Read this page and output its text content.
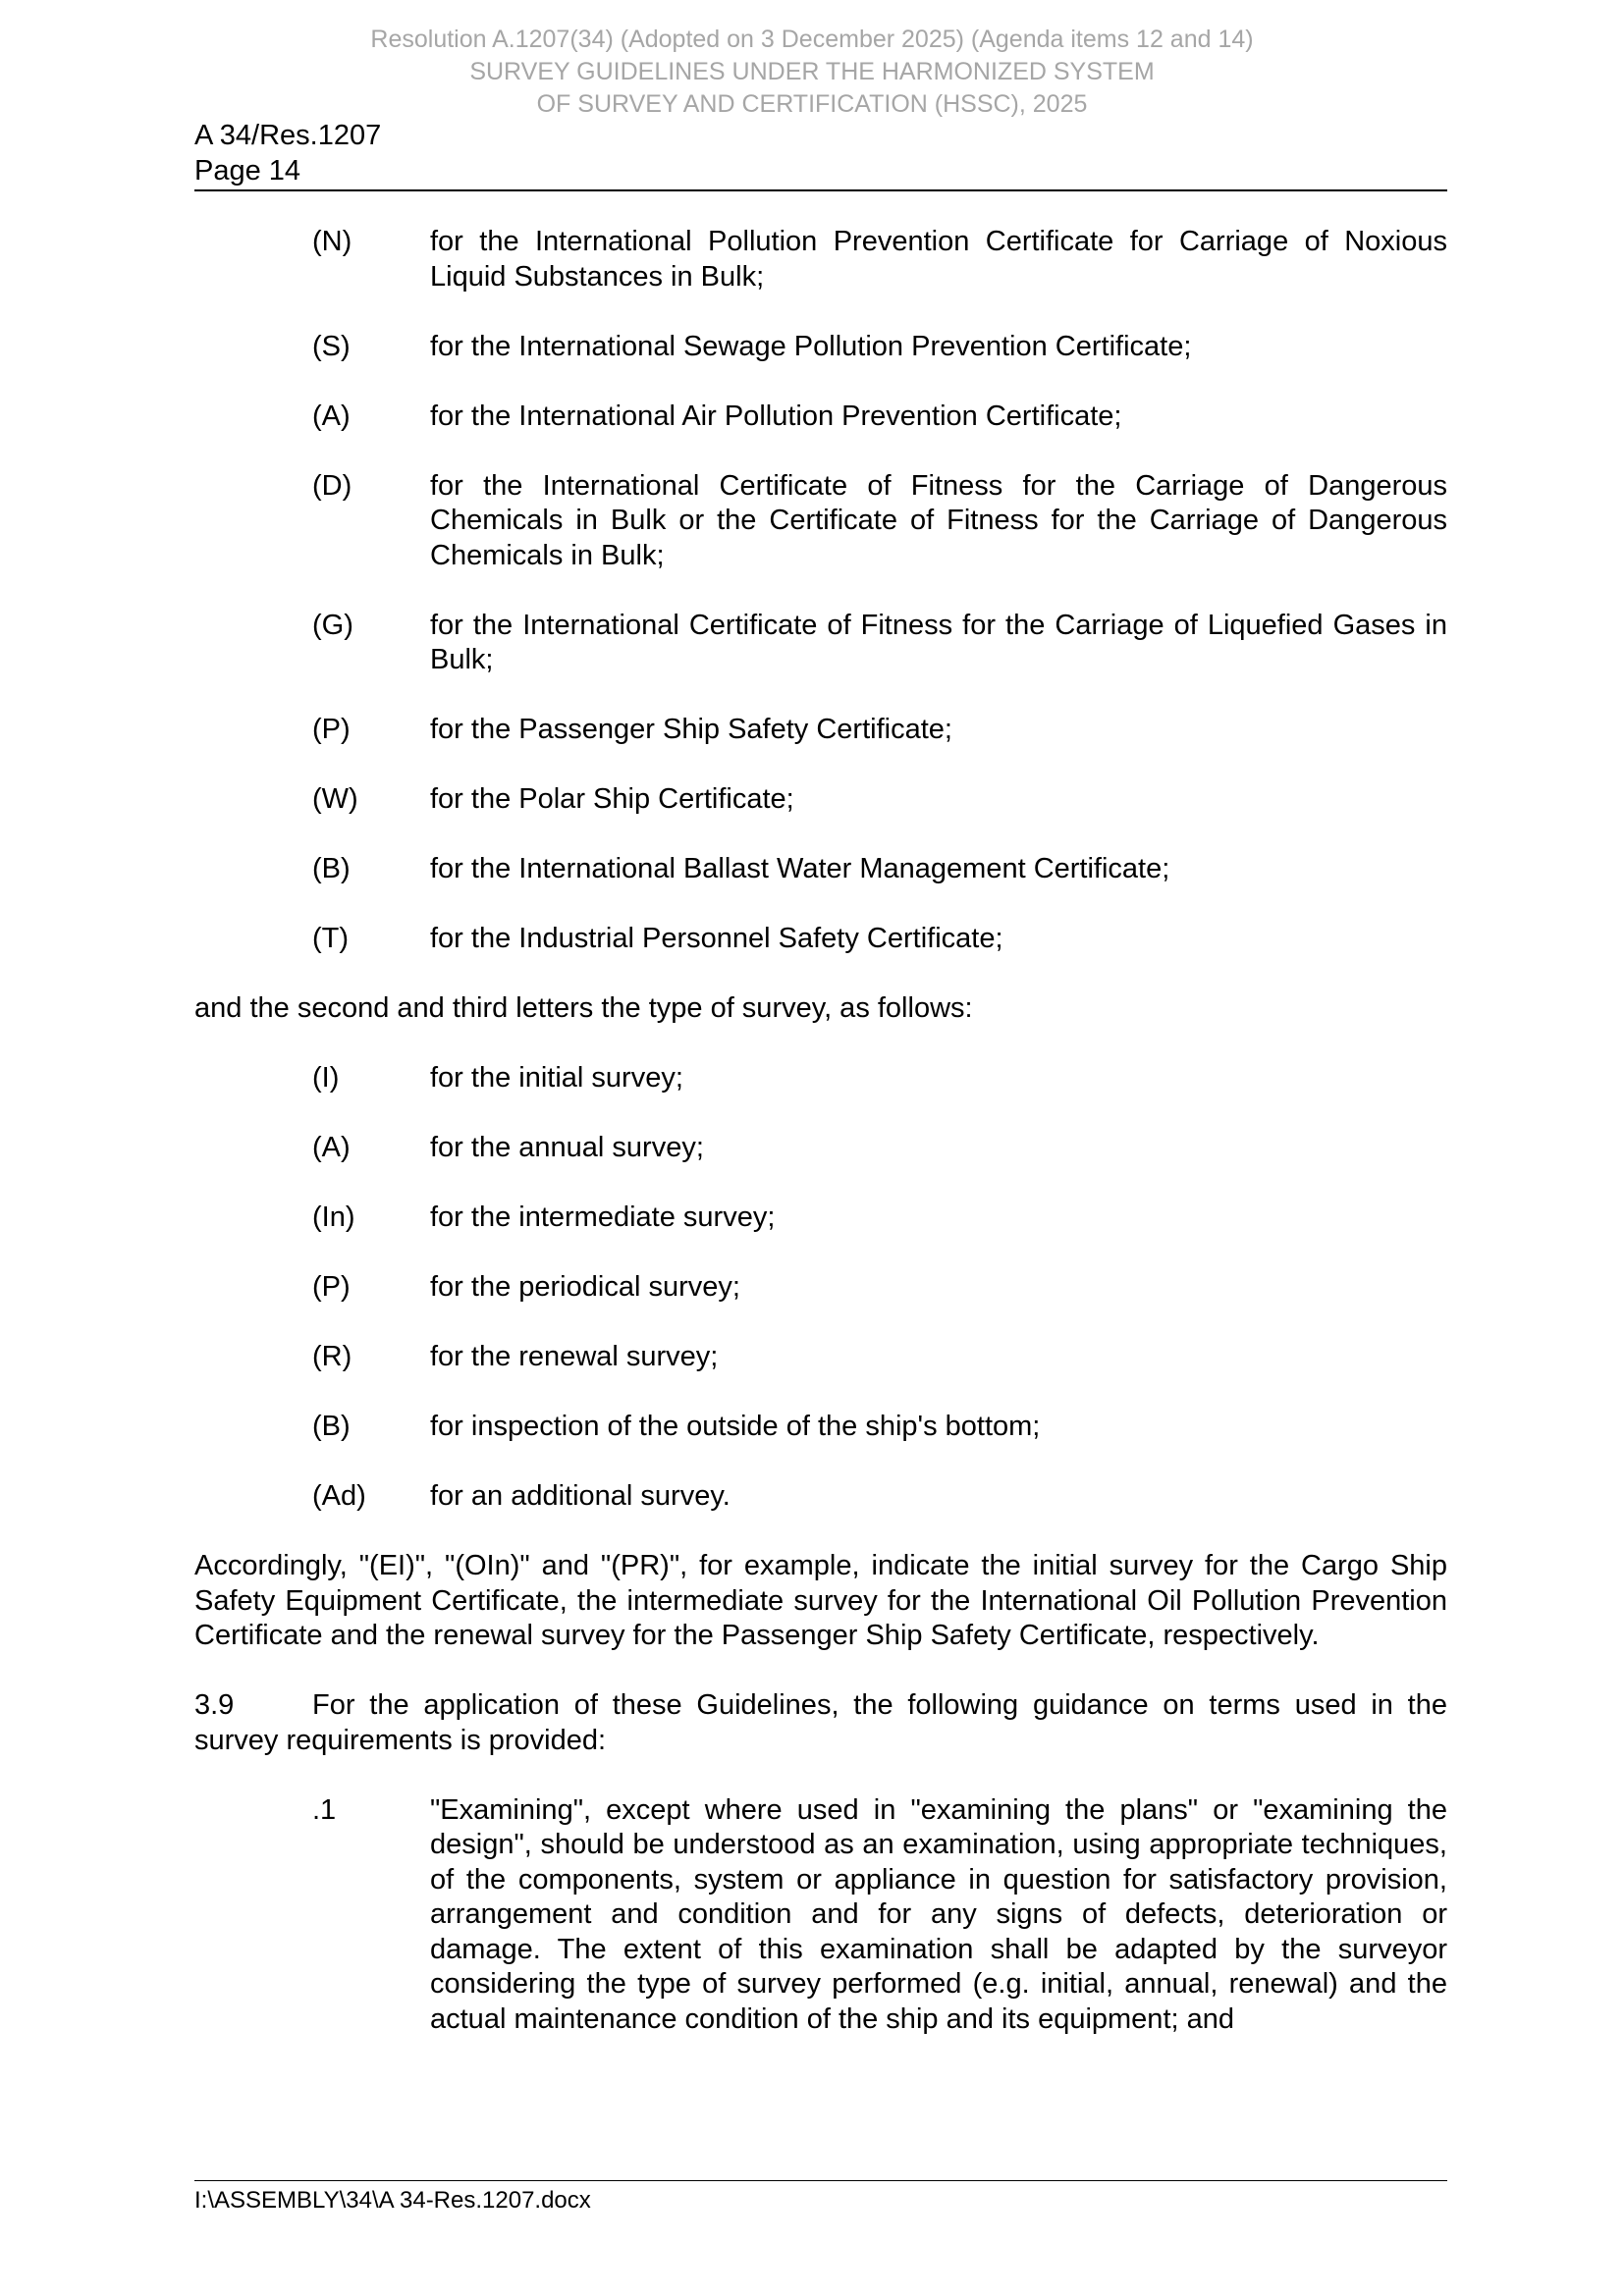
Resolution A.1207(34) (Adopted on 3 December 2025) (Agenda items 12 and 14)
SURVEY GUIDELINES UNDER THE HARMONIZED SYSTEM
OF SURVEY AND CERTIFICATION (HSSC), 2025
A 34/Res.1207
Page 14
(N)	for the International Pollution Prevention Certificate for Carriage of Noxious Liquid Substances in Bulk;
(S)	for the International Sewage Pollution Prevention Certificate;
(A)	for the International Air Pollution Prevention Certificate;
(D)	for the International Certificate of Fitness for the Carriage of Dangerous Chemicals in Bulk or the Certificate of Fitness for the Carriage of Dangerous Chemicals in Bulk;
(G)	for the International Certificate of Fitness for the Carriage of Liquefied Gases in Bulk;
(P)	for the Passenger Ship Safety Certificate;
(W)	for the Polar Ship Certificate;
(B)	for the International Ballast Water Management Certificate;
(T)	for the Industrial Personnel Safety Certificate;
and the second and third letters the type of survey, as follows:
(I)	for the initial survey;
(A)	for the annual survey;
(In)	for the intermediate survey;
(P)	for the periodical survey;
(R)	for the renewal survey;
(B)	for inspection of the outside of the ship's bottom;
(Ad)	for an additional survey.
Accordingly, "(EI)", "(OIn)" and "(PR)", for example, indicate the initial survey for the Cargo Ship Safety Equipment Certificate, the intermediate survey for the International Oil Pollution Prevention Certificate and the renewal survey for the Passenger Ship Safety Certificate, respectively.
3.9	For the application of these Guidelines, the following guidance on terms used in the survey requirements is provided:
.1	"Examining", except where used in "examining the plans" or "examining the design", should be understood as an examination, using appropriate techniques, of the components, system or appliance in question for satisfactory provision, arrangement and condition and for any signs of defects, deterioration or damage. The extent of this examination shall be adapted by the surveyor considering the type of survey performed (e.g. initial, annual, renewal) and the actual maintenance condition of the ship and its equipment; and
I:\ASSEMBLY\34\A 34-Res.1207.docx
